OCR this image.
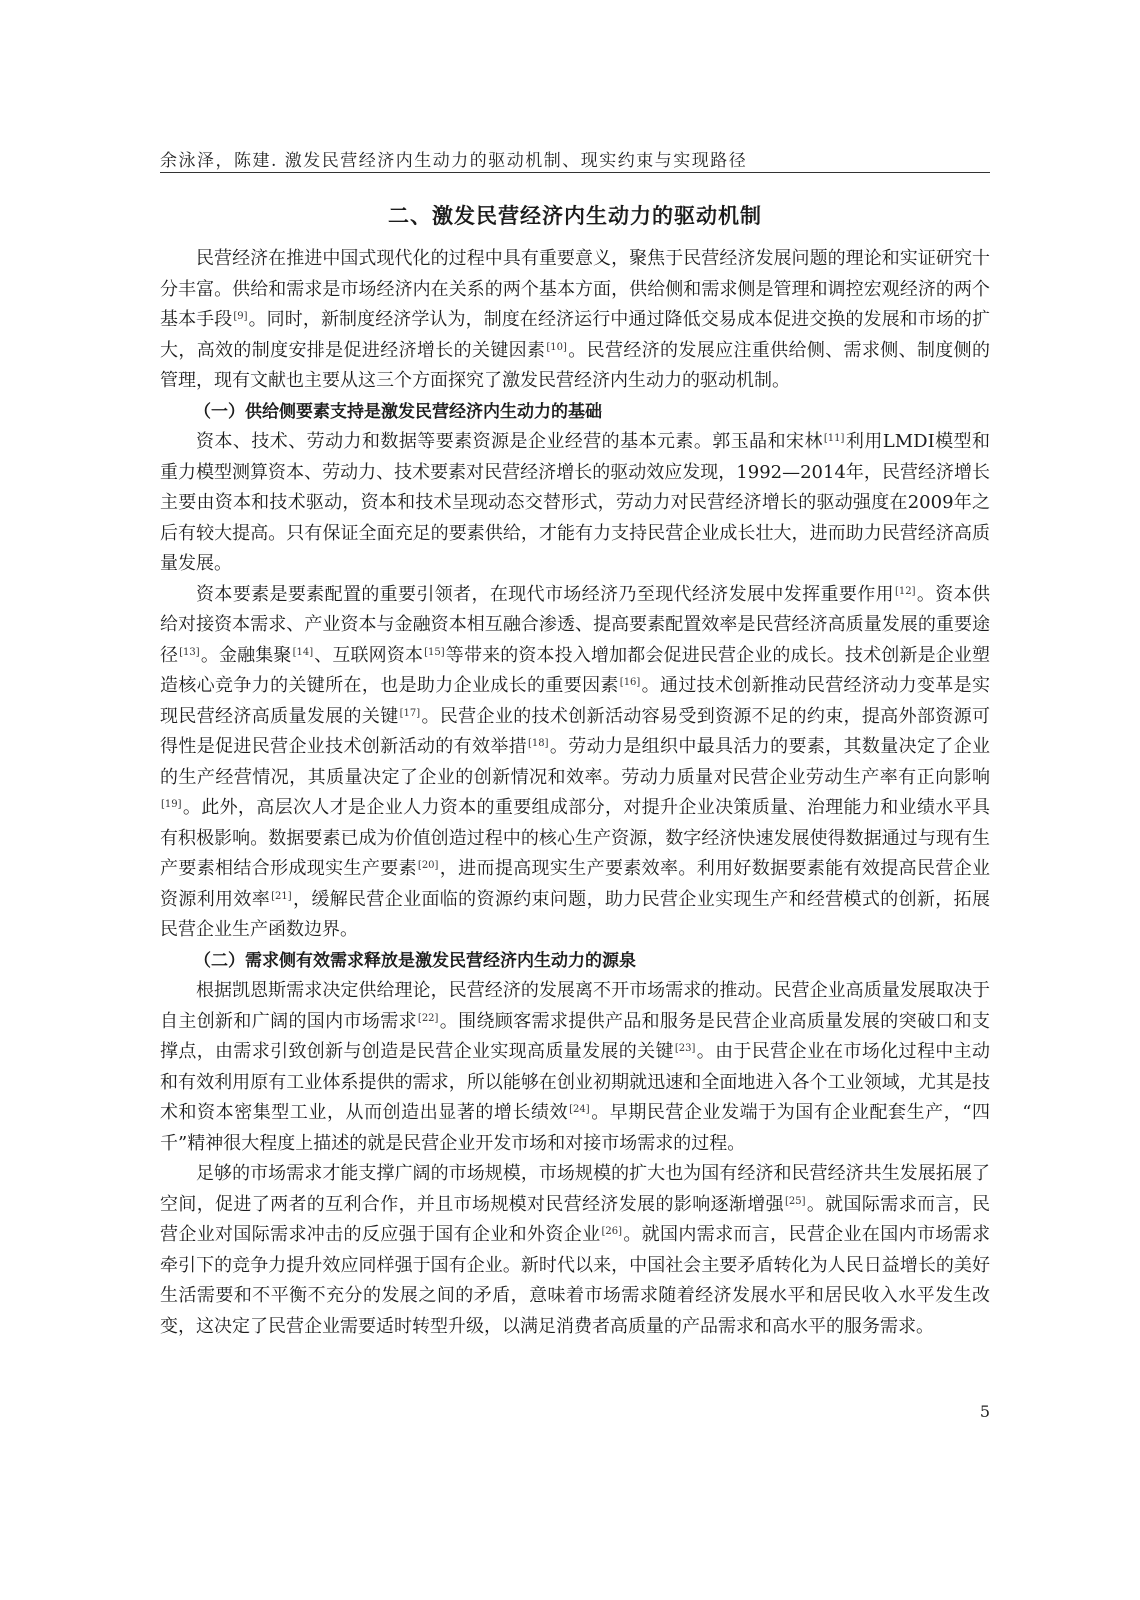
余泳泽，陈建. 激发民营经济内生动力的驱动机制、现实约束与实现路径
二、激发民营经济内生动力的驱动机制

民营经济在推进中国式现代化的过程中具有重要意义，聚焦于民营经济发展问题的理论和实证研究十分丰富。供给和需求是市场经济内在关系的两个基本方面，供给侧和需求侧是管理和调控宏观经济的两个基本手段[9]。同时，新制度经济学认为，制度在经济运行中通过降低交易成本促进交换的发展和市场的扩大，高效的制度安排是促进经济增长的关键因素[10]。民营经济的发展应注重供给侧、需求侧、制度侧的管理，现有文献也主要从这三个方面探究了激发民营经济内生动力的驱动机制。

（一）供给侧要素支持是激发民营经济内生动力的基础

资本、技术、劳动力和数据等要素资源是企业经营的基本元素。郭玉晶和宋林[11]利用LMDI模型和重力模型测算资本、劳动力、技术要素对民营经济增长的驱动效应发现，1992—2014年，民营经济增长主要由资本和技术驱动，资本和技术呈现动态交替形式，劳动力对民营经济增长的驱动强度在2009年之后有较大提高。只有保证全面充足的要素供给，才能有力支持民营企业成长壮大，进而助力民营经济高质量发展。

资本要素是要素配置的重要引领者，在现代市场经济乃至现代经济发展中发挥重要作用[12]。资本供给对接资本需求、产业资本与金融资本相互融合渗透、提高要素配置效率是民营经济高质量发展的重要途径[13]。金融集聚[14]、互联网资本[15]等带来的资本投入增加都会促进民营企业的成长。技术创新是企业塑造核心竞争力的关键所在，也是助力企业成长的重要因素[16]。通过技术创新推动民营经济动力变革是实现民营经济高质量发展的关键[17]。民营企业的技术创新活动容易受到资源不足的约束，提高外部资源可得性是促进民营企业技术创新活动的有效举措[18]。劳动力是组织中最具活力的要素，其数量决定了企业的生产经营情况，其质量决定了企业的创新情况和效率。劳动力质量对民营企业劳动生产率有正向影响[19]。此外，高层次人才是企业人力资本的重要组成部分，对提升企业决策质量、治理能力和业绩水平具有积极影响。数据要素已成为价值创造过程中的核心生产资源，数字经济快速发展使得数据通过与现有生产要素相结合形成现实生产要素[20]，进而提高现实生产要素效率。利用好数据要素能有效提高民营企业资源利用效率[21]，缓解民营企业面临的资源约束问题，助力民营企业实现生产和经营模式的创新，拓展民营企业生产函数边界。

（二）需求侧有效需求释放是激发民营经济内生动力的源泉

根据凯恩斯需求决定供给理论，民营经济的发展离不开市场需求的推动。民营企业高质量发展取决于自主创新和广阔的国内市场需求[22]。围绕顾客需求提供产品和服务是民营企业高质量发展的突破口和支撑点，由需求引致创新与创造是民营企业实现高质量发展的关键[23]。由于民营企业在市场化过程中主动和有效利用原有工业体系提供的需求，所以能够在创业初期就迅速和全面地进入各个工业领域，尤其是技术和资本密集型工业，从而创造出显著的增长绩效[24]。早期民营企业发端于为国有企业配套生产，“四千”精神很大程度上描述的就是民营企业开发市场和对接市场需求的过程。

足够的市场需求才能支撑广阔的市场规模，市场规模的扩大也为国有经济和民营经济共生发展拓展了空间，促进了两者的互利合作，并且市场规模对民营经济发展的影响逐渐增强[25]。就国际需求而言，民营企业对国际需求冲击的反应强于国有企业和外资企业[26]。就国内需求而言，民营企业在国内市场需求牵引下的竞争力提升效应同样强于国有企业。新时代以来，中国社会主要矛盾转化为人民日益增长的美好生活需要和不平衡不充分的发展之间的矛盾，意味着市场需求随着经济发展水平和居民收入水平发生改变，这决定了民营企业需要适时转型升级，以满足消费者高质量的产品需求和高水平的服务需求。

5
